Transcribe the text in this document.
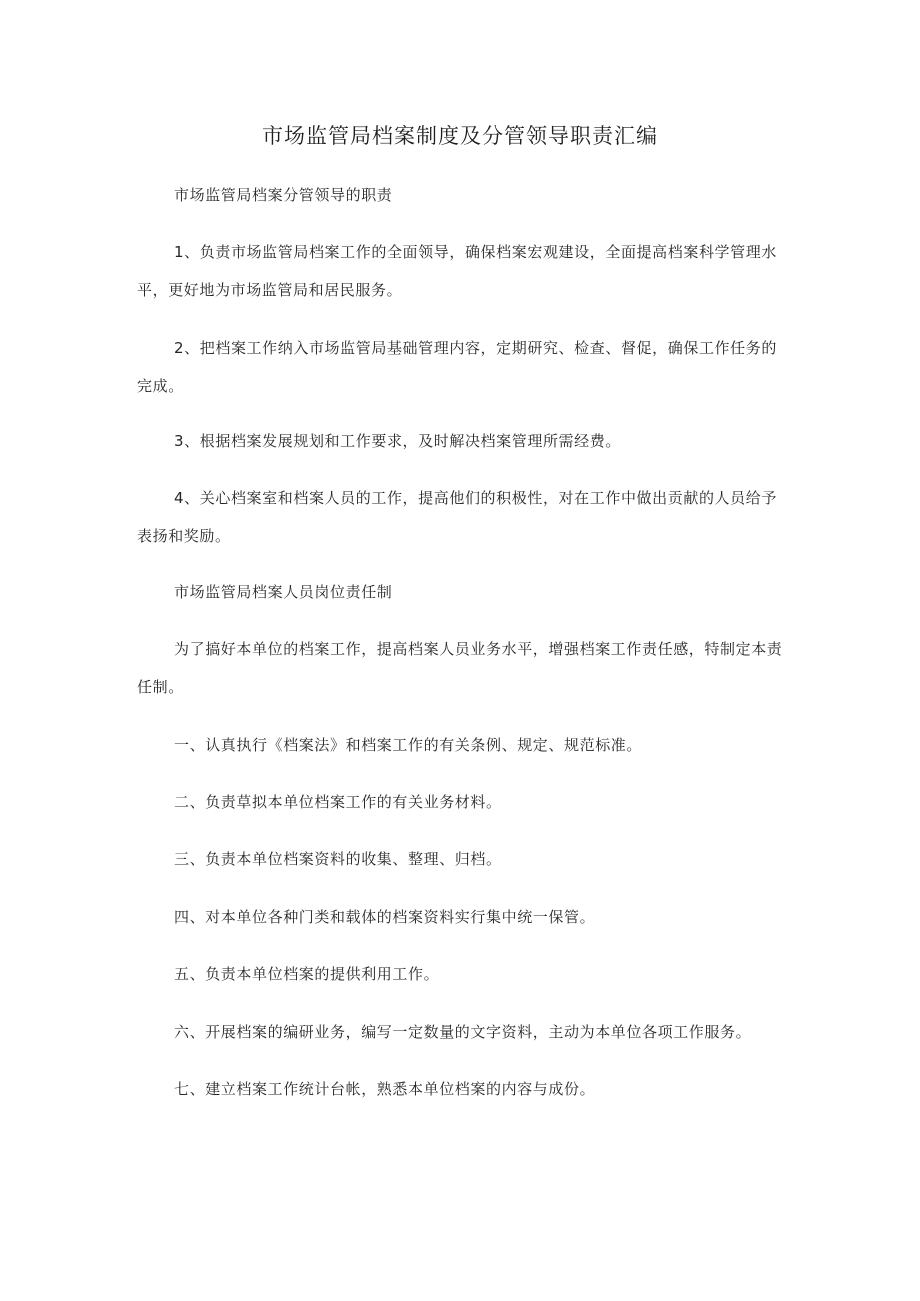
市场监管局档案制度及分管领导职责汇编

市场监管局档案分管领导的职责

1、负责市场监管局档案工作的全面领导，确保档案宏观建设，全面提高档案科学管理水平，更好地为市场监管局和居民服务。

2、把档案工作纳入市场监管局基础管理内容，定期研究、检查、督促，确保工作任务的完成。

3、根据档案发展规划和工作要求，及时解决档案管理所需经费。

4、关心档案室和档案人员的工作，提高他们的积极性，对在工作中做出贡献的人员给予表扬和奖励。

市场监管局档案人员岗位责任制

为了搞好本单位的档案工作，提高档案人员业务水平，增强档案工作责任感，特制定本责任制。

一、认真执行《档案法》和档案工作的有关条例、规定、规范标准。

二、负责草拟本单位档案工作的有关业务材料。

三、负责本单位档案资料的收集、整理、归档。

四、对本单位各种门类和载体的档案资料实行集中统一保管。

五、负责本单位档案的提供利用工作。

六、开展档案的编研业务，编写一定数量的文字资料，主动为本单位各项工作服务。

七、建立档案工作统计台帐，熟悉本单位档案的内容与成份。
